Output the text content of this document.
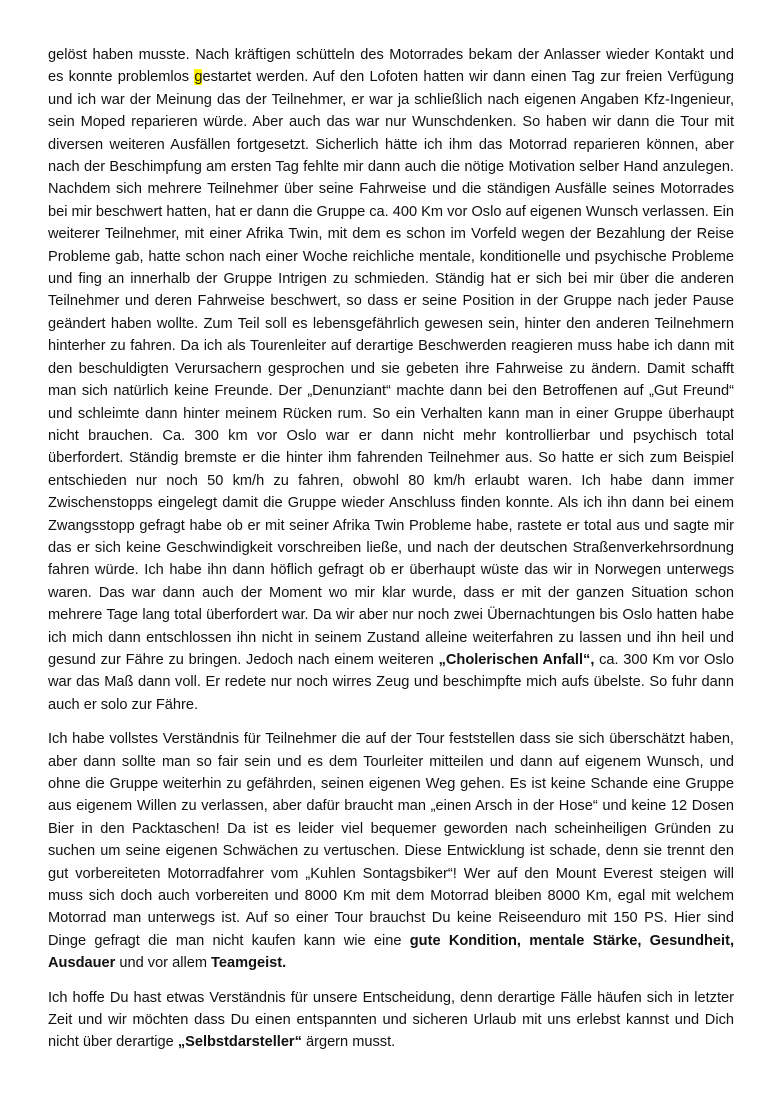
gelöst haben musste. Nach kräftigen schütteln des Motorrades bekam der Anlasser wieder Kontakt und es konnte problemlos gestartet werden. Auf den Lofoten hatten wir dann einen Tag zur freien Verfügung und ich war der Meinung das der Teilnehmer, er war ja schließlich nach eigenen Angaben Kfz-Ingenieur, sein Moped reparieren würde. Aber auch das war nur Wunschdenken. So haben wir dann die Tour mit diversen weiteren Ausfällen fortgesetzt. Sicherlich hätte ich ihm das Motorrad reparieren können, aber nach der Beschimpfung am ersten Tag fehlte mir dann auch die nötige Motivation selber Hand anzulegen. Nachdem sich mehrere Teilnehmer über seine Fahrweise und die ständigen Ausfälle seines Motorrades bei mir beschwert hatten, hat er dann die Gruppe ca. 400 Km vor Oslo auf eigenen Wunsch verlassen. Ein weiterer Teilnehmer, mit einer Afrika Twin, mit dem es schon im Vorfeld wegen der Bezahlung der Reise Probleme gab, hatte schon nach einer Woche reichliche mentale, konditionelle und psychische Probleme und fing an innerhalb der Gruppe Intrigen zu schmieden. Ständig hat er sich bei mir über die anderen Teilnehmer und deren Fahrweise beschwert, so dass er seine Position in der Gruppe nach jeder Pause geändert haben wollte. Zum Teil soll es lebensgefährlich gewesen sein, hinter den anderen Teilnehmern hinterher zu fahren. Da ich als Tourenleiter auf derartige Beschwerden reagieren muss habe ich dann mit den beschuldigten Verursachern gesprochen und sie gebeten ihre Fahrweise zu ändern. Damit schafft man sich natürlich keine Freunde. Der „Denunziant“ machte dann bei den Betroffenen auf „Gut Freund“ und schleimte dann hinter meinem Rücken rum. So ein Verhalten kann man in einer Gruppe überhaupt nicht brauchen. Ca. 300 km vor Oslo war er dann nicht mehr kontrollierbar und psychisch total überfordert. Ständig bremste er die hinter ihm fahrenden Teilnehmer aus. So hatte er sich zum Beispiel entschieden nur noch 50 km/h zu fahren, obwohl 80 km/h erlaubt waren. Ich habe dann immer Zwischenstopps eingelegt damit die Gruppe wieder Anschluss finden konnte. Als ich ihn dann bei einem Zwangsstopp gefragt habe ob er mit seiner Afrika Twin Probleme habe, rastete er total aus und sagte mir das er sich keine Geschwindigkeit vorschreiben ließe, und nach der deutschen Straßenverkehrsordnung fahren würde. Ich habe ihn dann höflich gefragt ob er überhaupt wüste das wir in Norwegen unterwegs waren. Das war dann auch der Moment wo mir klar wurde, dass er mit der ganzen Situation schon mehrere Tage lang total überfordert war. Da wir aber nur noch zwei Übernachtungen bis Oslo hatten habe ich mich dann entschlossen ihn nicht in seinem Zustand alleine weiterfahren zu lassen und ihn heil und gesund zur Fähre zu bringen. Jedoch nach einem weiteren „Cholerischen Anfall“, ca. 300 Km vor Oslo war das Maß dann voll. Er redete nur noch wirres Zeug und beschimpfte mich aufs übelste. So fuhr dann auch er solo zur Fähre.

Ich habe vollstes Verständnis für Teilnehmer die auf der Tour feststellen dass sie sich überschätzt haben, aber dann sollte man so fair sein und es dem Tourleiter mitteilen und dann auf eigenem Wunsch, und ohne die Gruppe weiterhin zu gefährden, seinen eigenen Weg gehen. Es ist keine Schande eine Gruppe aus eigenem Willen zu verlassen, aber dafür braucht man „einen Arsch in der Hose“ und keine 12 Dosen Bier in den Packtaschen! Da ist es leider viel bequemer geworden nach scheinheiligen Gründen zu suchen um seine eigenen Schwächen zu vertuschen. Diese Entwicklung ist schade, denn sie trennt den gut vorbereiteten Motorradfahrer vom „Kuhlen Sontagsbiker“! Wer auf den Mount Everest steigen will muss sich doch auch vorbereiten und 8000 Km mit dem Motorrad bleiben 8000 Km, egal mit welchem Motorrad man unterwegs ist. Auf so einer Tour brauchst Du keine Reiseenduro mit 150 PS. Hier sind Dinge gefragt die man nicht kaufen kann wie eine gute Kondition, mentale Stärke, Gesundheit, Ausdauer und vor allem Teamgeist.

Ich hoffe Du hast etwas Verständnis für unsere Entscheidung, denn derartige Fälle häufen sich in letzter Zeit und wir möchten dass Du einen entspannten und sicheren Urlaub mit uns erlebst kannst und Dich nicht über derartige „Selbstdarsteller“ ärgern musst.
